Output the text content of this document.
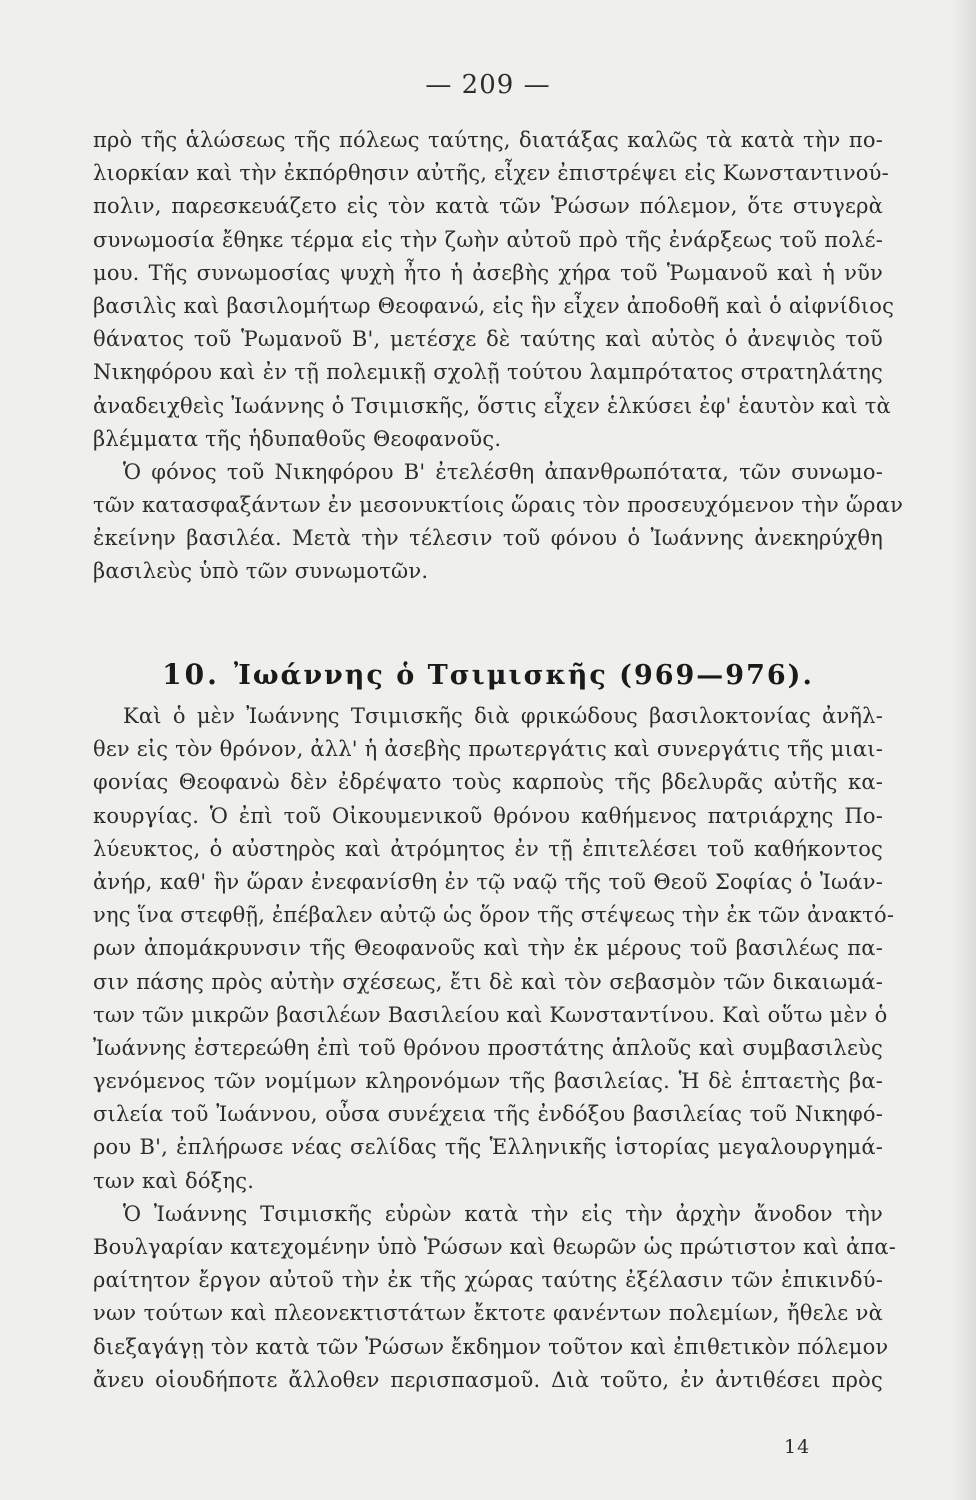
— 209 —
πρὸ τῆς ἁλώσεως τῆς πόλεως ταύτης, διατάξας καλῶς τὰ κατὰ τὴν πο-
λιορκίαν καὶ τὴν ἐκπόρθησιν αὐτῆς, εἶχεν ἐπιστρέψει εἰς Κωνσταντινού-
πολιν, παρεσκευάζετο εἰς τὸν κατὰ τῶν Ῥώσων πόλεμον, ὅτε στυγερὰ
συνωμοσία ἔθηκε τέρμα εἰς τὴν ζωὴν αὐτοῦ πρὸ τῆς ἐνάρξεως τοῦ πολέ-
μου. Τῆς συνωμοσίας ψυχὴ ἦτο ἡ ἀσεβὴς χήρα τοῦ Ῥωμανοῦ καὶ ἡ νῦν
βασιλὶς καὶ βασιλομήτωρ Θεοφανώ, εἰς ἣν εἶχεν ἀποδοθῆ καὶ ὁ αἰφνίδιος
θάνατος τοῦ Ῥωμανοῦ Β', μετέσχε δὲ ταύτης καὶ αὐτὸς ὁ ἀνεψιὸς τοῦ
Νικηφόρου καὶ ἐν τῇ πολεμικῇ σχολῇ τούτου λαμπρότατος στρατηλάτης
ἀναδειχθεὶς Ἰωάννης ὁ Τσιμισκῆς, ὅστις εἶχεν ἑλκύσει ἐφ' ἑαυτὸν καὶ τὰ
βλέμματα τῆς ἡδυπαθοῦς Θεοφανοῦς.
Ὁ φόνος τοῦ Νικηφόρου Β' ἐτελέσθη ἀπανθρωπότατα, τῶν συνωμο-
τῶν κατασφαξάντων ἐν μεσονυκτίοις ὥραις τὸν προσευχόμενον τὴν ὥραν
ἐκείνην βασιλέα. Μετὰ τὴν τέλεσιν τοῦ φόνου ὁ Ἰωάννης ἀνεκηρύχθη
βασιλεὺς ὑπὸ τῶν συνωμοτῶν.
10. Ἰωάννης ὁ Τσιμισκῆς (969—976).
Καὶ ὁ μὲν Ἰωάννης Τσιμισκῆς διὰ φρικώδους βασιλοκτονίας ἀνῆλ-
θεν εἰς τὸν θρόνον, ἀλλ' ἡ ἀσεβὴς πρωτεργάτις καὶ συνεργάτις τῆς μιαι-
φονίας Θεοφανὼ δὲν ἐδρέψατο τοὺς καρποὺς τῆς βδελυρᾶς αὐτῆς κα-
κουργίας. Ὁ ἐπὶ τοῦ Οἰκουμενικοῦ θρόνου καθήμενος πατριάρχης Πο-
λύευκτος, ὁ αὐστηρὸς καὶ ἀτρόμητος ἐν τῇ ἐπιτελέσει τοῦ καθήκοντος
ἀνήρ, καθ' ἣν ὥραν ἐνεφανίσθη ἐν τῷ ναῷ τῆς τοῦ Θεοῦ Σοφίας ὁ Ἰωάν-
νης ἵνα στεφθῇ, ἐπέβαλεν αὐτῷ ὡς ὅρον τῆς στέψεως τὴν ἐκ τῶν ἀνακτό-
ρων ἀπομάκρυνσιν τῆς Θεοφανοῦς καὶ τὴν ἐκ μέρους τοῦ βασιλέως πα-
σιν πάσης πρὸς αὐτὴν σχέσεως, ἔτι δὲ καὶ τὸν σεβασμὸν τῶν δικαιωμά-
των τῶν μικρῶν βασιλέων Βασιλείου καὶ Κωνσταντίνου. Καὶ οὕτω μὲν ὁ
Ἰωάννης ἐστερεώθη ἐπὶ τοῦ θρόνου προστάτης ἁπλοῦς καὶ συμβασιλεὺς
γενόμενος τῶν νομίμων κληρονόμων τῆς βασιλείας. Ἡ δὲ ἑπταετὴς βα-
σιλεία τοῦ Ἰωάννου, οὖσα συνέχεια τῆς ἐνδόξου βασιλείας τοῦ Νικηφό-
ρου Β', ἐπλήρωσε νέας σελίδας τῆς Ἑλληνικῆς ἱστορίας μεγαλουργημά-
των καὶ δόξης.
Ὁ Ἰωάννης Τσιμισκῆς εὑρὼν κατὰ τὴν εἰς τὴν ἀρχὴν ἄνοδον τὴν
Βουλγαρίαν κατεχομένην ὑπὸ Ῥώσων καὶ θεωρῶν ὡς πρώτιστον καὶ ἀπα-
ραίτητον ἔργον αὐτοῦ τὴν ἐκ τῆς χώρας ταύτης ἐξέλασιν τῶν ἐπικινδύ-
νων τούτων καὶ πλεονεκτιστάτων ἔκτοτε φανέντων πολεμίων, ἤθελε νὰ
διεξαγάγῃ τὸν κατὰ τῶν Ῥώσων ἔκδημον τοῦτον καὶ ἐπιθετικὸν πόλεμον
ἄνευ οἱουδήποτε ἄλλοθεν περισπασμοῦ. Διὰ τοῦτο, ἐν ἀντιθέσει πρὸς
14
